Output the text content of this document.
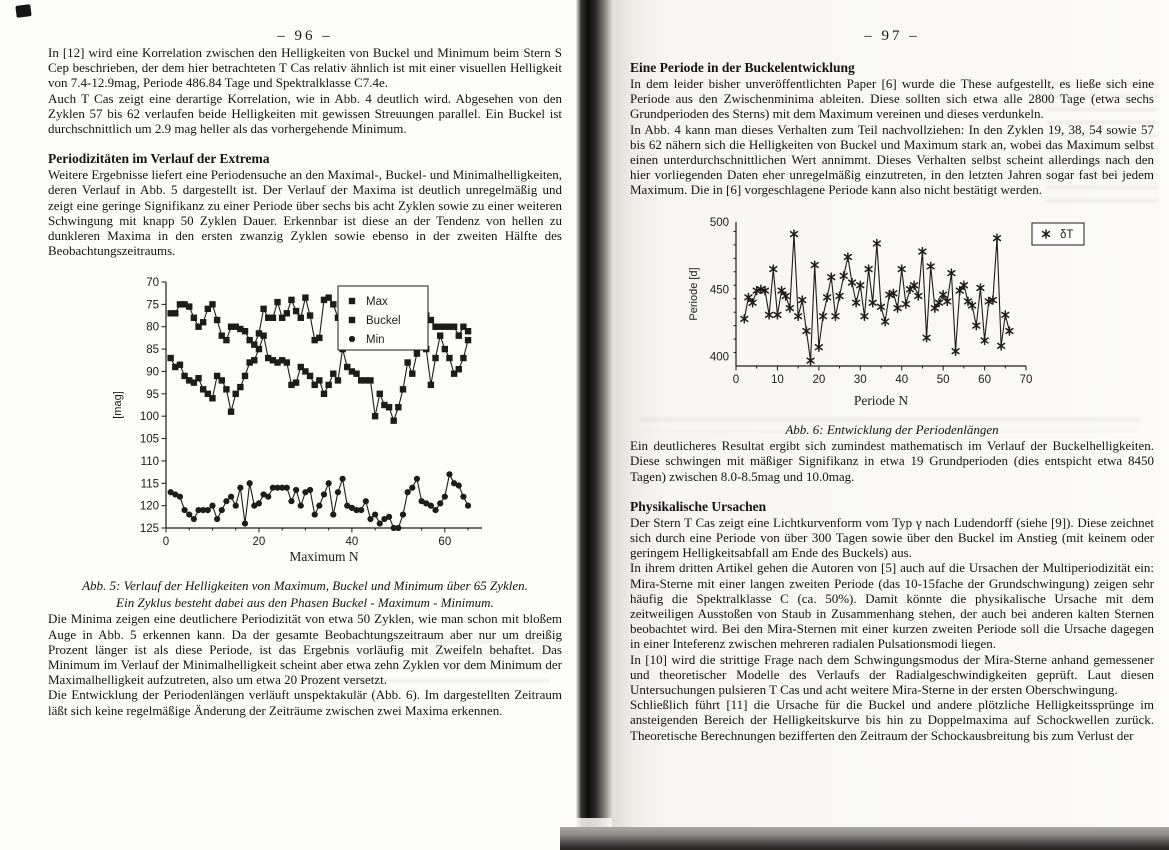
– 96 –

In [12] wird eine Korrelation zwischen den Helligkeiten von Buckel und Minimum beim Stern S Cep beschrieben, der dem hier betrachteten T Cas relativ ähnlich ist mit einer visuellen Helligkeit von 7.4-12.9mag, Periode 486.84 Tage und Spektralklasse C7.4e.

Auch T Cas zeigt eine derartige Korrelation, wie in Abb. 4 deutlich wird. Abgesehen von den Zyklen 57 bis 62 verlaufen beide Helligkeiten mit gewissen Streuungen parallel. Ein Buckel ist durchschnittlich um 2.9 mag heller als das vorhergehende Minimum.

Periodizitäten im Verlauf der Extrema

Weitere Ergebnisse liefert eine Periodensuche an den Maximal-, Buckel- und Minimalhelligkeiten, deren Verlauf in Abb. 5 dargestellt ist. Der Verlauf der Maxima ist deutlich unregelmäßig und zeigt eine geringe Signifikanz zu einer Periode über sechs bis acht Zyklen sowie zu einer weiteren Schwingung mit knapp 50 Zyklen Dauer. Erkennbar ist diese an der Tendenz von hellen zu dunkleren Maxima in den ersten zwanzig Zyklen sowie ebenso in der zweiten Hälfte des Beobachtungszeitraums.

0	20	40	60
70
75
80
85
90
95
100
105
110
115
120
125
Maximum N
[mag]
Max
Buckel
Min
Abb. 5: Verlauf der Helligkeiten von Maximum, Buckel und Minimum über 65 Zyklen.
Ein Zyklus besteht dabei aus den Phasen Buckel - Maximum - Minimum.

Die Minima zeigen eine deutlichere Periodizität von etwa 50 Zyklen, wie man schon mit bloßem Auge in Abb. 5 erkennen kann. Da der gesamte Beobachtungszeitraum aber nur um dreißig Prozent länger ist als diese Periode, ist das Ergebnis vorläufig mit Zweifeln behaftet. Das Minimum im Verlauf der Minimalhelligkeit scheint aber etwa zehn Zyklen vor dem Minimum der Maximalhelligkeit aufzutreten, also um etwa 20 Prozent versetzt.

Die Entwicklung der Periodenlängen verläuft unspektakulär (Abb. 6). Im dargestellten Zeitraum läßt sich keine regelmäßige Änderung der Zeiträume zwischen zwei Maxima erkennen.

– 97 –
Eine Periode in der Buckelentwicklung

In dem leider bisher unveröffentlichten Paper [6] wurde die These aufgestellt, es ließe sich eine Periode aus den Zwischenminima ableiten. Diese sollten sich etwa alle 2800 Tage (etwa sechs Grundperioden des Sterns) mit dem Maximum vereinen und dieses verdunkeln.

In Abb. 4 kann man dieses Verhalten zum Teil nachvollziehen: In den Zyklen 19, 38, 54 sowie 57 bis 62 nähern sich die Helligkeiten von Buckel und Maximum stark an, wobei das Maximum selbst einen unterdurchschnittlichen Wert annimmt. Dieses Verhalten selbst scheint allerdings nach den hier vorliegenden Daten eher unregelmäßig einzutreten, in den letzten Jahren sogar fast bei jedem Maximum. Die in [6] vorgeschlagene Periode kann also nicht bestätigt werden.

0	10 20 30 40 50 60 70
400
450
500
Periode N
Periode [d]
δT
Abb. 6: Entwicklung der Periodenlängen

Ein deutlicheres Resultat ergibt sich zumindest mathematisch im Verlauf der Buckelhelligkeiten. Diese schwingen mit mäßiger Signifikanz in etwa 19 Grundperioden (dies entspicht etwa 8450 Tagen) zwischen 8.0-8.5mag und 10.0mag.

Physikalische Ursachen

Der Stern T Cas zeigt eine Lichtkurvenform vom Typ γ nach Ludendorff (siehe [9]). Diese zeichnet sich durch eine Periode von über 300 Tagen sowie über den Buckel im Anstieg (mit keinem oder geringem Helligkeitsabfall am Ende des Buckels) aus.

In ihrem dritten Artikel gehen die Autoren von [5] auch auf die Ursachen der Multiperiodizität ein: Mira-Sterne mit einer langen zweiten Periode (das 10-15fache der Grundschwingung) zeigen sehr häufig die Spektralklasse C (ca. 50%). Damit könnte die physikalische Ursache mit dem zeitweiligen Ausstoßen von Staub in Zusammenhang stehen, der auch bei anderen kalten Sternen beobachtet wird. Bei den Mira-Sternen mit einer kurzen zweiten Periode soll die Ursache dagegen in einer Inteferenz zwischen mehreren radialen Pulsationsmodi liegen.

In [10] wird die strittige Frage nach dem Schwingungsmodus der Mira-Sterne anhand gemessener und theoretischer Modelle des Verlaufs der Radialgeschwindigkeiten geprüft. Laut diesen Untersuchungen pulsieren T Cas und acht weitere Mira-Sterne in der ersten Oberschwingung.

Schließlich führt [11] die Ursache für die Buckel und andere plötzliche Helligkeitssprünge im ansteigenden Bereich der Helligkeitskurve bis hin zu Doppelmaxima auf Schockwellen zurück. Theoretische Berechnungen bezifferten den Zeitraum der Schockausbreitung bis zum Verlust der
